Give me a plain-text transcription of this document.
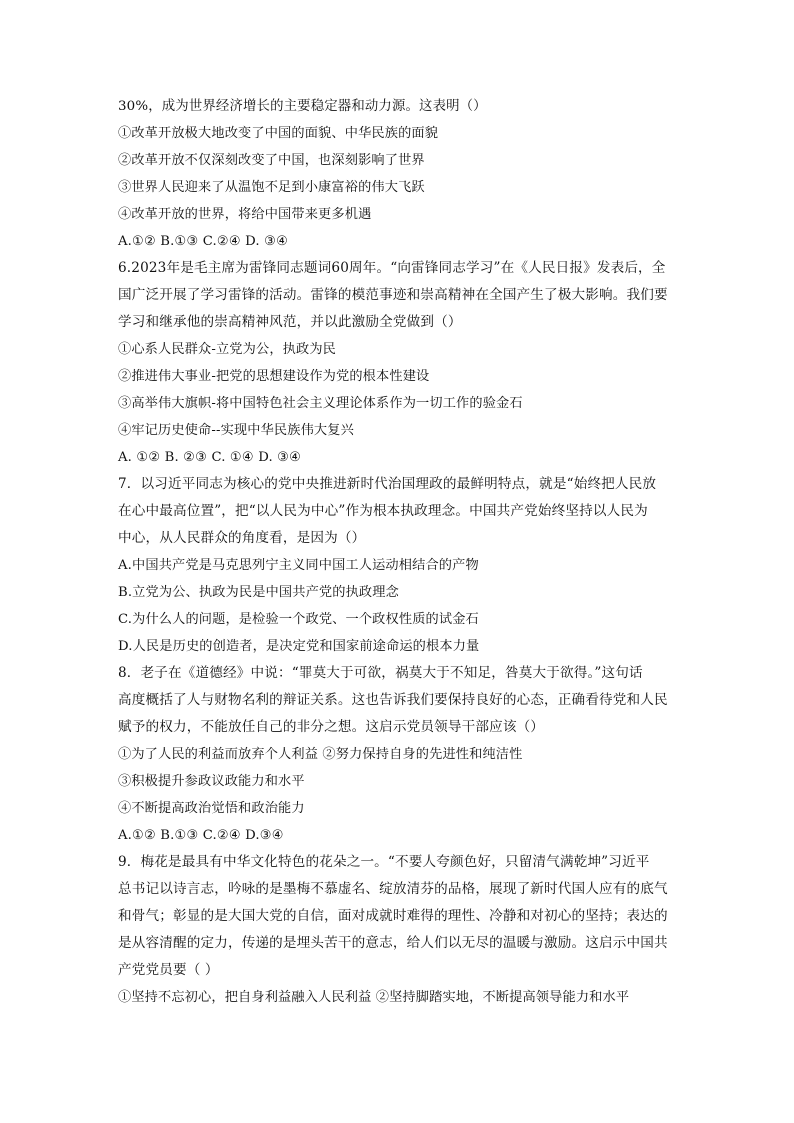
30%，成为世界经济增长的主要稳定器和动力源。这表明（）
①改革开放极大地改变了中国的面貌、中华民族的面貌
②改革开放不仅深刻改变了中国，也深刻影响了世界
③世界人民迎来了从温饱不足到小康富裕的伟大飞跃
④改革开放的世界，将给中国带来更多机遇
A.①② B.①③ C.②④ D. ③④
6.2023年是毛主席为雷锋同志题词60周年。“向雷锋同志学习”在《人民日报》发表后，全
国广泛开展了学习雷锋的活动。雷锋的模范事迹和崇高精神在全国产生了极大影响。我们要
学习和继承他的崇高精神风范，并以此激励全党做到（）
①心系人民群众-立党为公，执政为民
②推进伟大事业-把党的思想建设作为党的根本性建设
③高举伟大旗帜-将中国特色社会主义理论体系作为一切工作的验金石
④牢记历史使命--实现中华民族伟大复兴
A. ①② B. ②③ C. ①④ D. ③④
7．以习近平同志为核心的党中央推进新时代治国理政的最鲜明特点，就是“始终把人民放
在心中最高位置”，把“以人民为中心”作为根本执政理念。中国共产党始终坚持以人民为
中心，从人民群众的角度看，是因为（）
A.中国共产党是马克思列宁主义同中国工人运动相结合的产物
B.立党为公、执政为民是中国共产党的执政理念
C.为什么人的问题，是检验一个政党、一个政权性质的试金石
D.人民是历史的创造者，是决定党和国家前途命运的根本力量
8．老子在《道德经》中说：“罪莫大于可欲，祸莫大于不知足，咎莫大于欲得。”这句话
高度概括了人与财物名利的辩证关系。这也告诉我们要保持良好的心态，正确看待党和人民
赋予的权力，不能放任自己的非分之想。这启示党员领导干部应该（）
①为了人民的利益而放弃个人利益 ②努力保持自身的先进性和纯洁性
③积极提升参政议政能力和水平
④不断提高政治觉悟和政治能力
A.①② B.①③ C.②④ D.③④
9．梅花是最具有中华文化特色的花朵之一。“不要人夸颜色好，只留清气满乾坤”习近平
总书记以诗言志，吟咏的是墨梅不慕虚名、绽放清芬的品格，展现了新时代国人应有的底气
和骨气；彰显的是大国大党的自信，面对成就时难得的理性、冷静和对初心的坚持；表达的
是从容清醒的定力，传递的是埋头苦干的意志，给人们以无尽的温暖与激励。这启示中国共
产党党员要（ ）
①坚持不忘初心，把自身利益融入人民利益 ②坚持脚踏实地，不断提高领导能力和水平
